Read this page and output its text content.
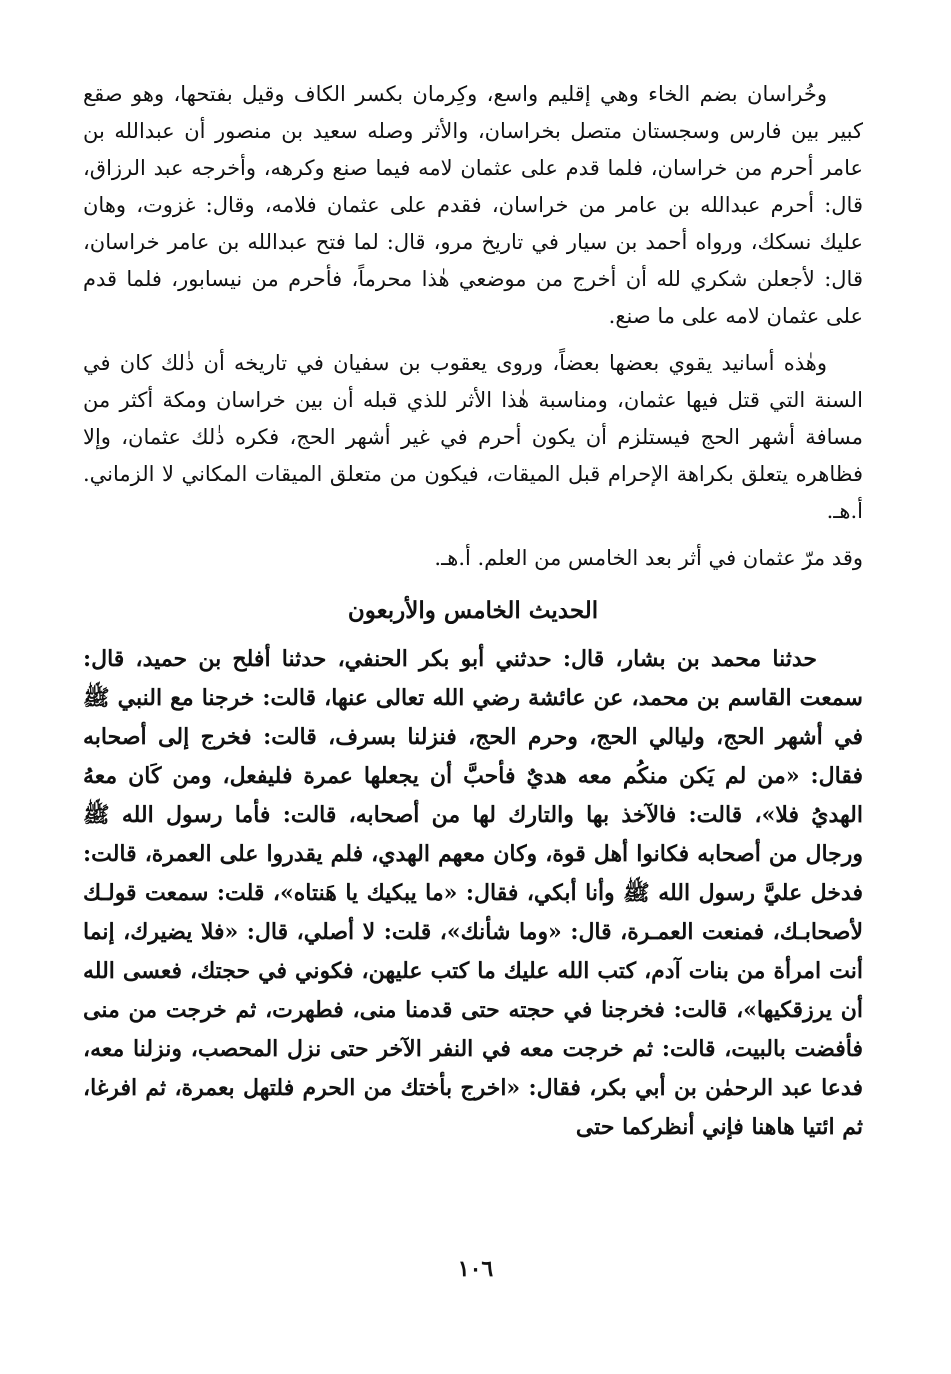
وخُراسان بضم الخاء وهي إقليم واسع، وكِرمان بكسر الكاف وقيل بفتحها، وهو صقع كبير بين فارس وسجستان متصل بخراسان، والأثر وصله سعيد بن منصور أن عبدالله بن عامر أحرم من خراسان، فلما قدم على عثمان لامه فيما صنع وكرهه، وأخرجه عبد الرزاق، قال: أحرم عبدالله بن عامر من خراسان، فقدم على عثمان فلامه، وقال: غزوت، وهان عليك نسكك، ورواه أحمد بن سيار في تاريخ مرو، قال: لما فتح عبدالله بن عامر خراسان، قال: لأجعلن شكري لله أن أخرج من موضعي هٰذا محرماً، فأحرم من نيسابور، فلما قدم على عثمان لامه على ما صنع.

وهٰذه أسانيد يقوي بعضها بعضاً، وروى يعقوب بن سفيان في تاريخه أن ذٰلك كان في السنة التي قتل فيها عثمان، ومناسبة هٰذا الأثر للذي قبله أن بين خراسان ومكة أكثر من مسافة أشهر الحج فيستلزم أن يكون أحرم في غير أشهر الحج، فكره ذٰلك عثمان، وإلا فظاهره يتعلق بكراهة الإحرام قبل الميقات، فيكون من متعلق الميقات المكاني لا الزماني. أ.هـ.

وقد مرّ عثمان في أثر بعد الخامس من العلم. أ.هـ.

الحديث الخامس والأربعون

حدثنا محمد بن بشار، قال: حدثني أبو بكر الحنفي، حدثنا أفلح بن حميد، قال: سمعت القاسم بن محمد، عن عائشة رضي الله تعالى عنها، قالت: خرجنا مع النبي ﷺ في أشهر الحج، وليالي الحج، وحرم الحج، فنزلنا بسرف، قالت: فخرج إلى أصحابه فقال: «من لم يَكن منكُم معه هديٌ فأحبَّ أن يجعلها عمرة فليفعل، ومن كَان معهُ الهديُ فلا»، قالت: فالآخذ بها والتارك لها من أصحابه، قالت: فأما رسول الله ﷺ ورجال من أصحابه فكانوا أهل قوة، وكان معهم الهدي، فلم يقدروا على العمرة، قالت: فدخل عليَّ رسول الله ﷺ وأنا أبكي، فقال: «ما يبكيك يا هَنتاه»، قلت: سمعت قولـك لأصحابـك، فمنعت العمـرة، قال: «وما شأنك»، قلت: لا أصلي، قال: «فلا يضيرك، إنما أنت امرأة من بنات آدم، كتب الله عليك ما كتب عليهن، فكوني في حجتك، فعسى الله أن يرزقكيها»، قالت: فخرجنا في حجته حتى قدمنا منى، فطهرت، ثم خرجت من منى فأفضت بالبيت، قالت: ثم خرجت معه في النفر الآخر حتى نزل المحصب، ونزلنا معه، فدعا عبد الرحمٰن بن أبي بكر، فقال: «اخرج بأختك من الحرم فلتهل بعمرة، ثم افرغا، ثم ائتيا هاهنا فإني أنظركما حتى

١٠٦
